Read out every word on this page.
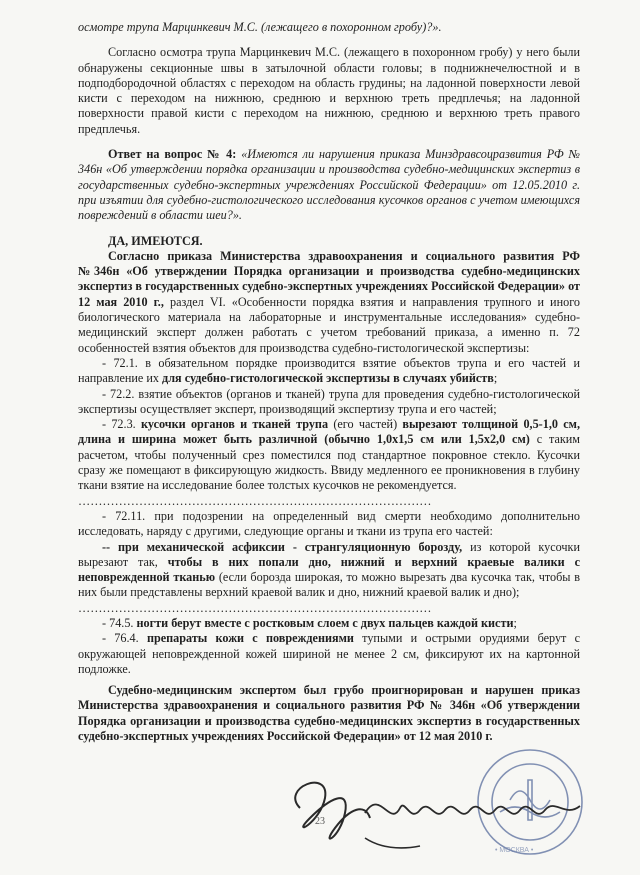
осмотре трупа Марцинкевич М.С. (лежащего в похоронном гробу)?».

Согласно осмотра трупа Марцинкевич М.С. (лежащего в похоронном гробу) у него были обнаружены секционные швы в затылочной области головы; в поднижнечелюстной и в подподбородочной областях с переходом на область грудины; на ладонной поверхности левой кисти с переходом на нижнюю, среднюю и верхнюю треть предплечья; на ладонной поверхности правой кисти с переходом на нижнюю, среднюю и верхнюю треть правого предплечья.

Ответ на вопрос № 4: «Имеются ли нарушения приказа Минздравсоцразвития РФ № 346н «Об утверждении порядка организации и производства судебно-медицинских экспертиз в государственных судебно-экспертных учреждениях Российской Федерации» от 12.05.2010 г. при изъятии для судебно-гистологического исследования кусочков органов с учетом имеющихся повреждений в области шеи?».

ДА, ИМЕЮТСЯ.

Согласно приказа Министерства здравоохранения и социального развития РФ №346н «Об утверждении Порядка организации и производства судебно-медицинских экспертиз в государственных судебно-экспертных учреждениях Российской Федерации» от 12 мая 2010 г., раздел VI. «Особенности порядка взятия и направления трупного и иного биологического материала на лабораторные и инструментальные исследования» судебно-медицинский эксперт должен работать с учетом требований приказа, а именно п. 72 особенностей взятия объектов для производства судебно-гистологической экспертизы:

- 72.1. в обязательном порядке производится взятие объектов трупа и его частей и направление их для судебно-гистологической экспертизы в случаях убийств;

- 72.2. взятие объектов (органов и тканей) трупа для проведения судебно-гистологической экспертизы осуществляет эксперт, производящий экспертизу трупа и его частей;

- 72.3. кусочки органов и тканей трупа (его частей) вырезают толщиной 0,5-1,0 см, длина и ширина может быть различной (обычно 1,0х1,5 см или 1,5х2,0 см) с таким расчетом, чтобы полученный срез поместился под стандартное покровное стекло. Кусочки сразу же помещают в фиксирующую жидкость. Ввиду медленного ее проникновения в глубину ткани взятие на исследование более толстых кусочков не рекомендуется.

……………………………………………………………………………

- 72.11. при подозрении на определенный вид смерти необходимо дополнительно исследовать, наряду с другими, следующие органы и ткани из трупа его частей:

-- при механической асфиксии - странгуляционную борозду, из которой кусочки вырезают так, чтобы в них попали дно, нижний и верхний краевые валики с неповрежденной тканью (если борозда широкая, то можно вырезать два кусочка так, чтобы в них были представлены верхний краевой валик и дно, нижний краевой валик и дно);

……………………………………………………………………………

- 74.5. ногти берут вместе с ростковым слоем с двух пальцев каждой кисти;

- 76.4. препараты кожи с повреждениями тупыми и острыми орудиями берут с окружающей неповрежденной кожей шириной не менее 2 см, фиксируют их на картонной подложке.

Судебно-медицинским экспертом был грубо проигнорирован и нарушен приказ Министерства здравоохранения и социального развития РФ № 346н «Об утверждении Порядка организации и производства судебно-медицинских экспертиз в государственных судебно-экспертных учреждениях Российской Федерации» от 12 мая 2010 г.

• МОСКВА •
23
